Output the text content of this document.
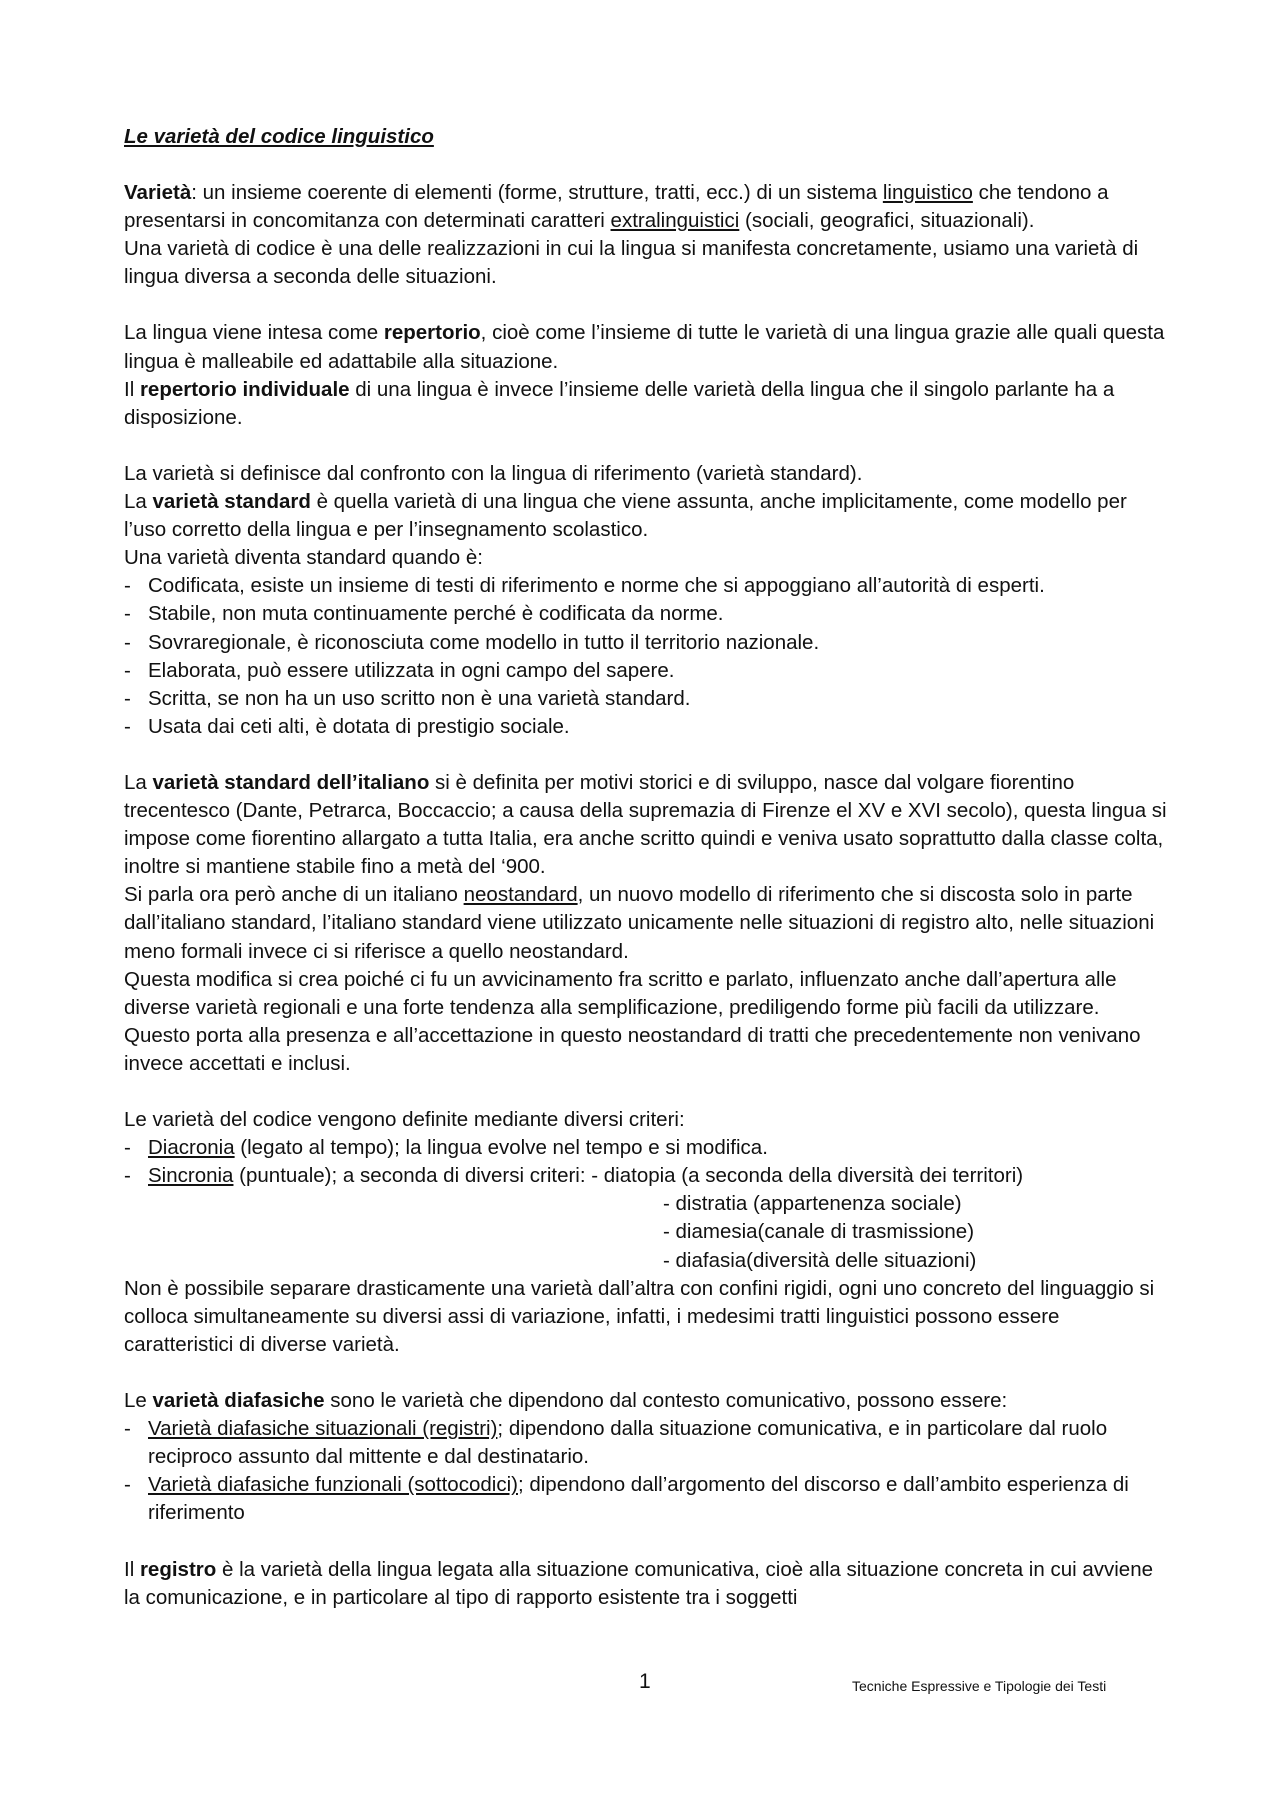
Le varietà del codice linguistico

Varietà: un insieme coerente di elementi (forme, strutture, tratti, ecc.) di un sistema linguistico che tendono a presentarsi in concomitanza con determinati caratteri extralinguistici (sociali, geografici, situazionali).

Una varietà di codice è una delle realizzazioni in cui la lingua si manifesta concretamente, usiamo una varietà di lingua diversa a seconda delle situazioni.

La lingua viene intesa come repertorio, cioè come l’insieme di tutte le varietà di una lingua grazie alle quali questa lingua è malleabile ed adattabile alla situazione.

Il repertorio individuale di una lingua è invece l’insieme delle varietà della lingua che il singolo parlante ha a disposizione.

La varietà si definisce dal confronto con la lingua di riferimento (varietà standard).

La varietà standard è quella varietà di una lingua che viene assunta, anche implicitamente, come modello per l’uso corretto della lingua e per l’insegnamento scolastico.

Una varietà diventa standard quando è:

- Codificata, esiste un insieme di testi di riferimento e norme che si appoggiano all’autorità di esperti.
- Stabile, non muta continuamente perché è codificata da norme.
- Sovraregionale, è riconosciuta come modello in tutto il territorio nazionale.
- Elaborata, può essere utilizzata in ogni campo del sapere.
- Scritta, se non ha un uso scritto non è una varietà standard.
- Usata dai ceti alti, è dotata di prestigio sociale.

La varietà standard dell’italiano si è definita per motivi storici e di sviluppo, nasce dal volgare fiorentino trecentesco (Dante, Petrarca, Boccaccio; a causa della supremazia di Firenze el XV e XVI secolo), questa lingua si impose come fiorentino allargato a tutta Italia, era anche scritto quindi e veniva usato soprattutto dalla classe colta, inoltre si mantiene stabile fino a metà del ‘900.

Si parla ora però anche di un italiano neostandard, un nuovo modello di riferimento che si discosta solo in parte dall’italiano standard, l’italiano standard viene utilizzato unicamente nelle situazioni di registro alto, nelle situazioni meno formali invece ci si riferisce a quello neostandard.

Questa modifica si crea poiché ci fu un avvicinamento fra scritto e parlato, influenzato anche dall’apertura alle diverse varietà regionali e una forte tendenza alla semplificazione, prediligendo forme più facili da utilizzare.

Questo porta alla presenza e all’accettazione in questo neostandard di tratti che precedentemente non venivano invece accettati e inclusi.

Le varietà del codice vengono definite mediante diversi criteri:

- Diacronia (legato al tempo); la lingua evolve nel tempo e si modifica.
- Sincronia (puntuale); a seconda di diversi criteri: - diatopia (a seconda della diversità dei territori)
- distratia (appartenenza sociale)
- diamesia(canale di trasmissione)
- diafasia(diversità delle situazioni)

Non è possibile separare drasticamente una varietà dall’altra con confini rigidi, ogni uno concreto del linguaggio si colloca simultaneamente su diversi assi di variazione, infatti, i medesimi tratti linguistici possono essere caratteristici di diverse varietà.

Le varietà diafasiche sono le varietà che dipendono dal contesto comunicativo, possono essere:

- Varietà diafasiche situazionali (registri); dipendono dalla situazione comunicativa, e in particolare dal ruolo reciproco assunto dal mittente e dal destinatario.
- Varietà diafasiche funzionali (sottocodici); dipendono dall’argomento del discorso e dall’ambito esperienza di riferimento

Il registro è la varietà della lingua legata alla situazione comunicativa, cioè alla situazione concreta in cui avviene la comunicazione, e in particolare al tipo di rapporto esistente tra i soggetti

1	Tecniche Espressive e Tipologie dei Testi
